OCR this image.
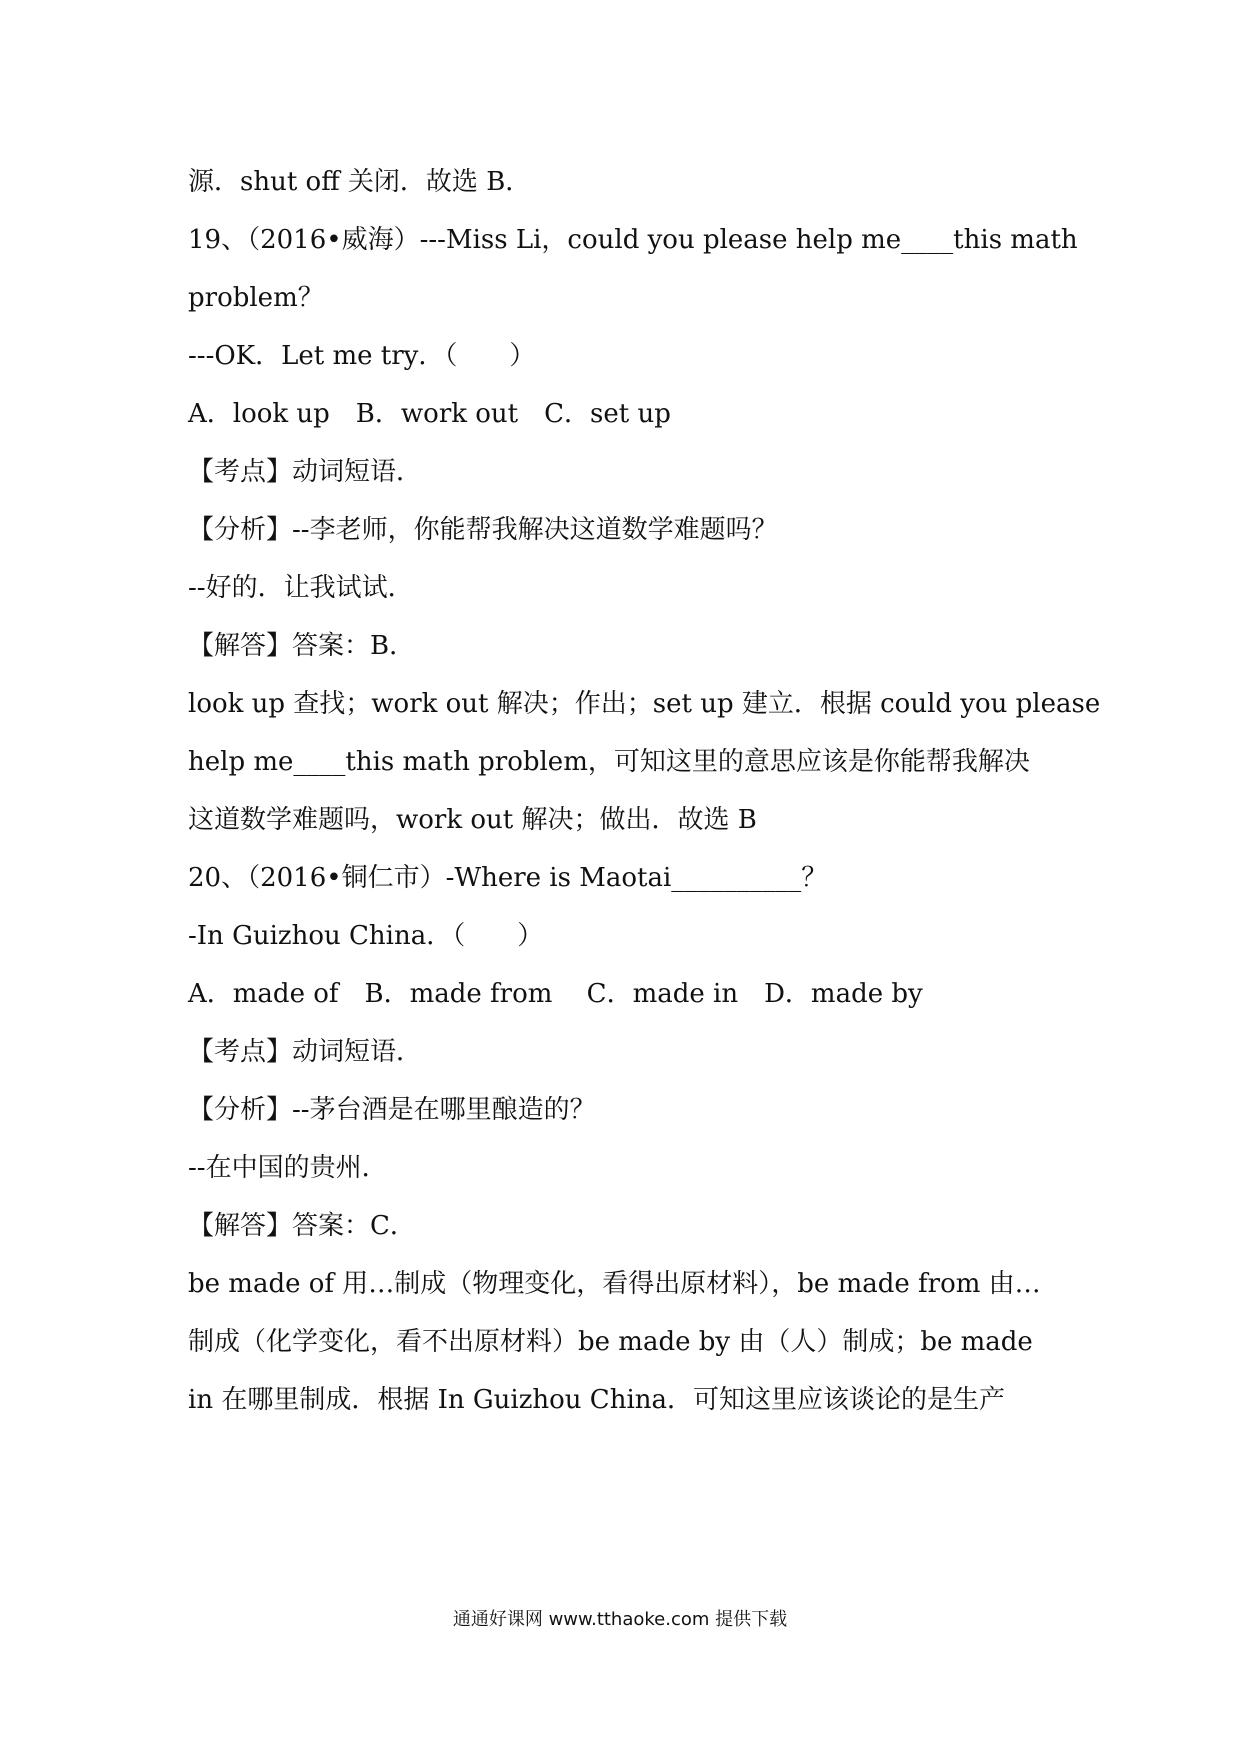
源．shut off 关闭．故选 B．
19、（2016•威海）---Miss Li，could you please help me____this math
problem？
---OK．Let me try．（　　）
A．look up　B．work out　C．set up
【考点】动词短语．
【分析】--李老师，你能帮我解决这道数学难题吗？
--好的．让我试试．
【解答】答案：B．
look up 查找；work out 解决；作出；set up 建立．根据 could you please
help me____this math problem，可知这里的意思应该是你能帮我解决
这道数学难题吗，work out 解决；做出．故选 B
20、（2016•铜仁市）-Where is Maotai__________？
-In Guizhou China．（　　）
A．made of　B．made from　 C．made in　D．made by
【考点】动词短语．
【分析】--茅台酒是在哪里酿造的？
--在中国的贵州．
【解答】答案：C．
be made of 用…制成（物理变化，看得出原材料），be made from 由…
制成（化学变化，看不出原材料）be made by 由（人）制成；be made
in 在哪里制成．根据 In Guizhou China．可知这里应该谈论的是生产
通通好课网 www.tthaoke.com 提供下载
